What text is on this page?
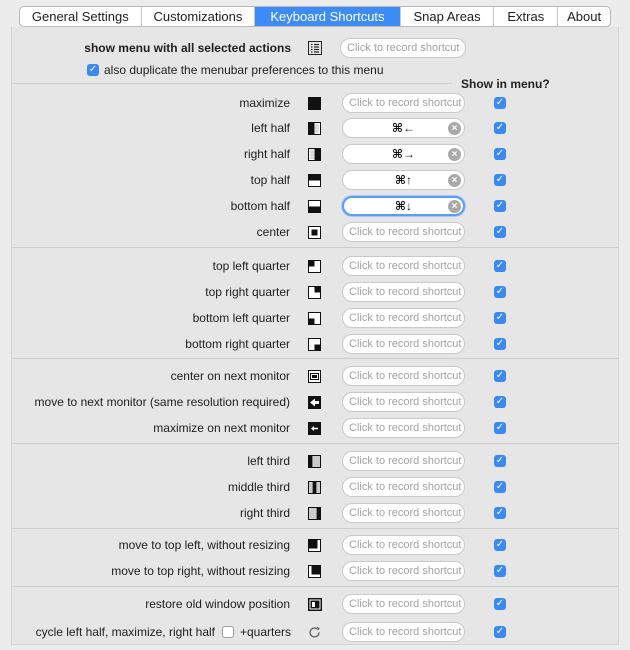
General Settings	Customizations	Keyboard Shortcuts	Snap Areas	Extras	About
show menu with all selected actions	Click to record shortcut
✓ also duplicate the menubar preferences to this menu
Show in menu?
maximize	Click to record shortcut	✓
left half	⌘←	×	✓
right half	⌘→	×	✓
top half	⌘↑	×	✓
bottom half	⌘↓	×	✓
center	Click to record shortcut	✓
top left quarter	Click to record shortcut	✓
top right quarter	Click to record shortcut	✓
bottom left quarter	Click to record shortcut	✓
bottom right quarter	Click to record shortcut	✓
center on next monitor	Click to record shortcut	✓
move to next monitor (same resolution required)	Click to record shortcut	✓
maximize on next monitor	Click to record shortcut	✓
left third	Click to record shortcut	✓
middle third	Click to record shortcut	✓
right third	Click to record shortcut	✓
move to top left, without resizing	Click to record shortcut	✓
move to top right, without resizing	Click to record shortcut	✓
restore old window position	Click to record shortcut	✓
cycle left half, maximize, right half +quarters	Click to record shortcut	✓
